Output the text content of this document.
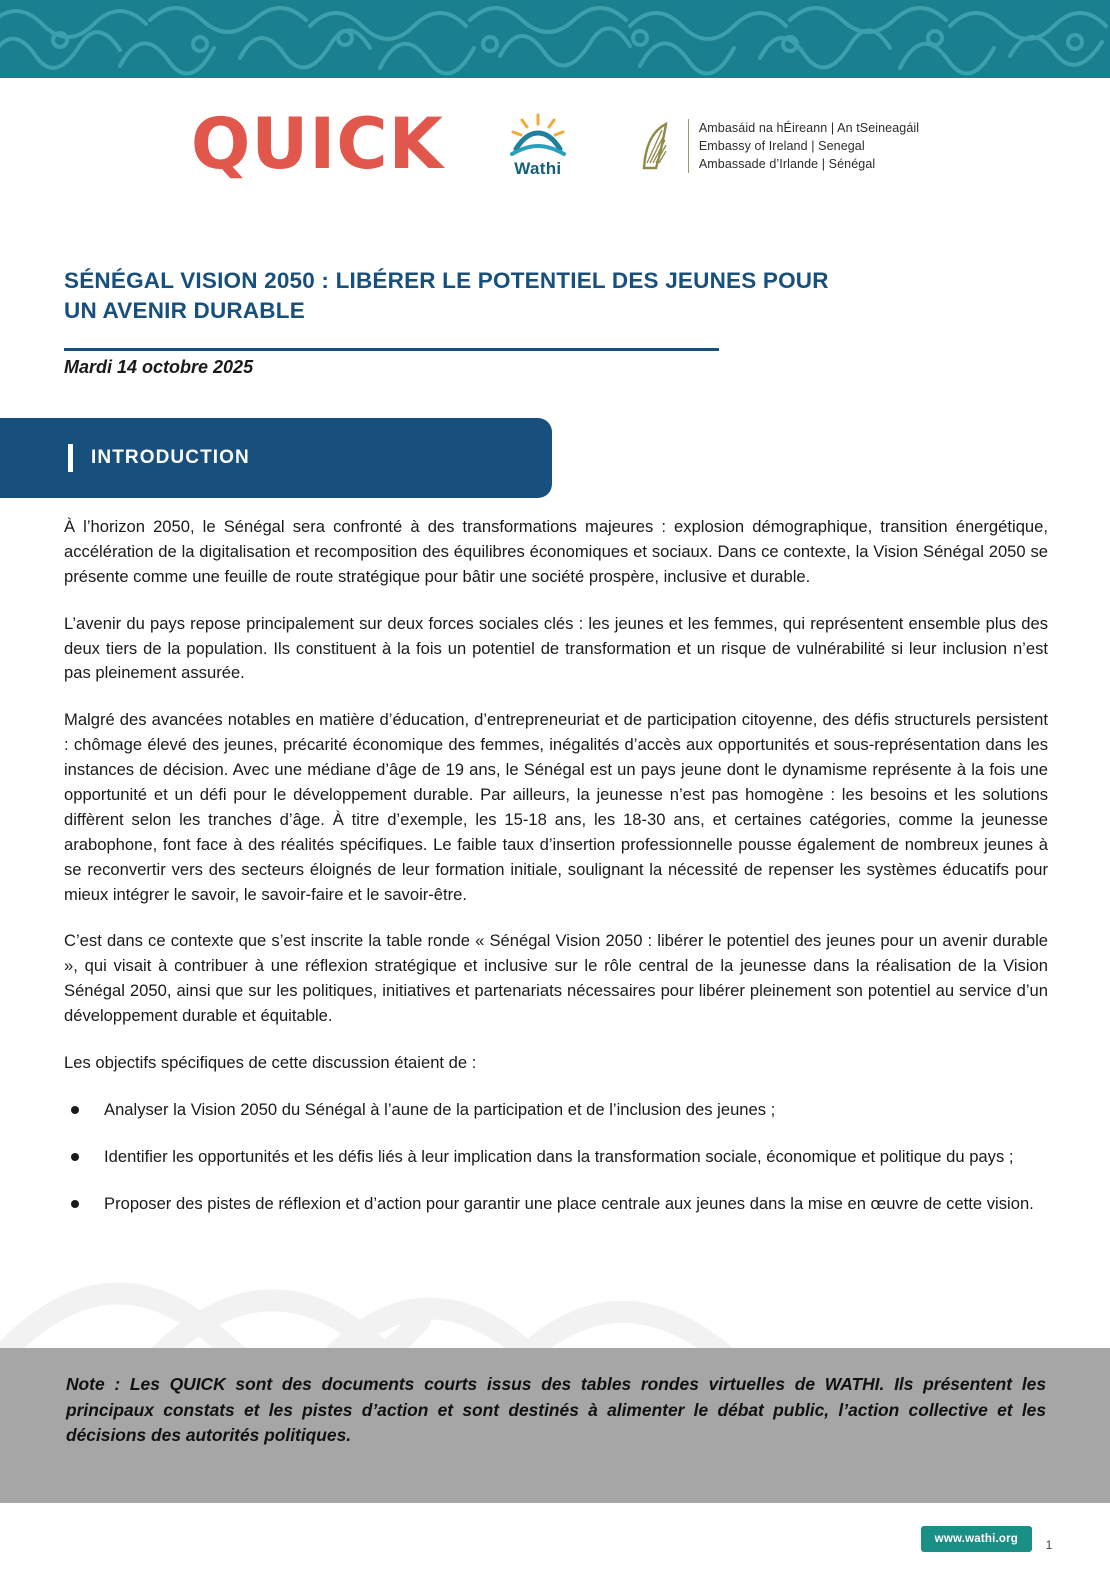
QUICK	Wathi
Ambasáid na hÉireann | An tSeineagáil
Embassy of Ireland | Senegal
Ambassade d’Irlande | Sénégal
SÉNÉGAL VISION 2050 : LIBÉRER LE POTENTIEL DES JEUNES POUR UN AVENIR DURABLE
Mardi 14 octobre 2025
INTRODUCTION

À l’horizon 2050, le Sénégal sera confronté à des transformations majeures : explosion démographique, transition énergétique, accélération de la digitalisation et recomposition des équilibres économiques et sociaux. Dans ce contexte, la Vision Sénégal 2050 se présente comme une feuille de route stratégique pour bâtir une société prospère, inclusive et durable.

L’avenir du pays repose principalement sur deux forces sociales clés : les jeunes et les femmes, qui représentent ensemble plus des deux tiers de la population. Ils constituent à la fois un potentiel de transformation et un risque de vulnérabilité si leur inclusion n’est pas pleinement assurée.

Malgré des avancées notables en matière d’éducation, d’entrepreneuriat et de participation citoyenne, des défis structurels persistent : chômage élevé des jeunes, précarité économique des femmes, inégalités d’accès aux opportunités et sous-représentation dans les instances de décision. Avec une médiane d’âge de 19 ans, le Sénégal est un pays jeune dont le dynamisme représente à la fois une opportunité et un défi pour le développement durable. Par ailleurs, la jeunesse n’est pas homogène : les besoins et les solutions diffèrent selon les tranches d’âge. À titre d’exemple, les 15-18 ans, les 18-30 ans, et certaines catégories, comme la jeunesse arabophone, font face à des réalités spécifiques. Le faible taux d’insertion professionnelle pousse également de nombreux jeunes à se reconvertir vers des secteurs éloignés de leur formation initiale, soulignant la nécessité de repenser les systèmes éducatifs pour mieux intégrer le savoir, le savoir-faire et le savoir-être.

C’est dans ce contexte que s’est inscrite la table ronde « Sénégal Vision 2050 : libérer le potentiel des jeunes pour un avenir durable », qui visait à contribuer à une réflexion stratégique et inclusive sur le rôle central de la jeunesse dans la réalisation de la Vision Sénégal 2050, ainsi que sur les politiques, initiatives et partenariats nécessaires pour libérer pleinement son potentiel au service d’un développement durable et équitable.

Les objectifs spécifiques de cette discussion étaient de :

Analyser la Vision 2050 du Sénégal à l’aune de la participation et de l’inclusion des jeunes ;
Identifier les opportunités et les défis liés à leur implication dans la transformation sociale, économique et politique du pays ;
Proposer des pistes de réflexion et d’action pour garantir une place centrale aux jeunes dans la mise en œuvre de cette vision.
Note : Les QUICK sont des documents courts issus des tables rondes virtuelles de WATHI. Ils présentent les principaux constats et les pistes d’action et sont destinés à alimenter le débat public, l’action collective et les décisions des autorités politiques.
www.wathi.org	1
